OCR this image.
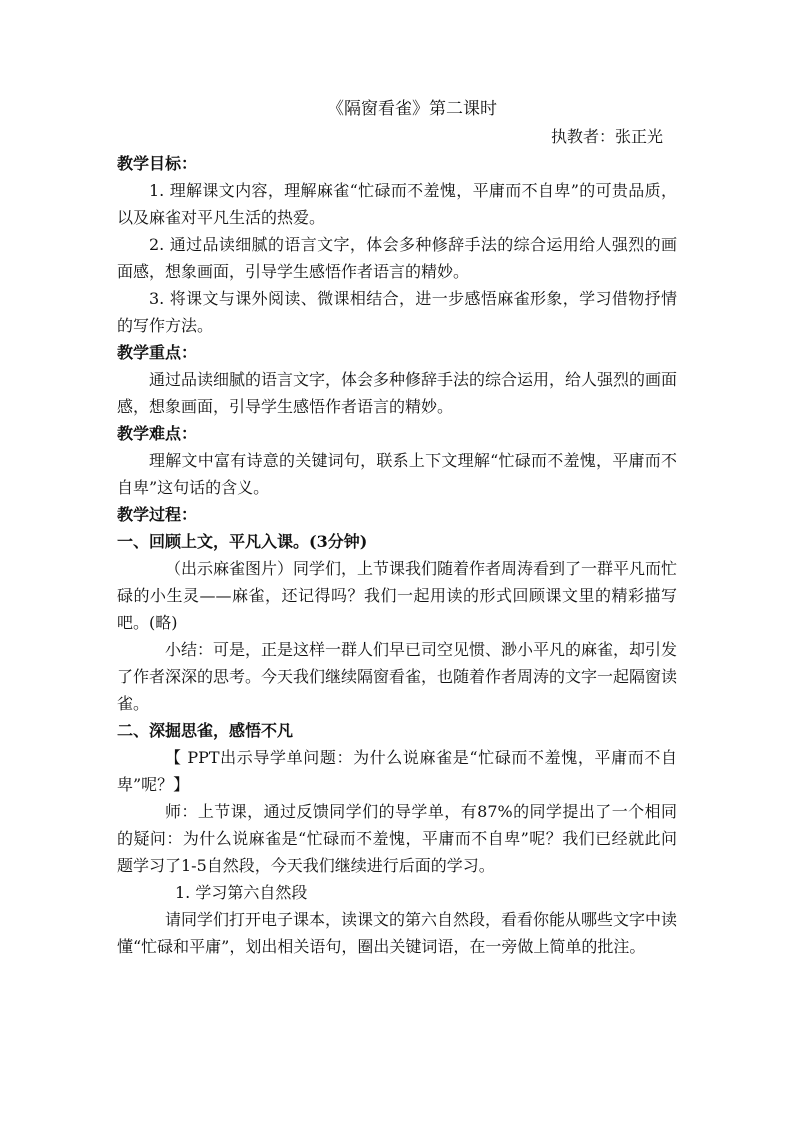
《隔窗看雀》第二课时

执教者：张正光

教学目标：

1. 理解课文内容，理解麻雀“忙碌而不羞愧，平庸而不自卑”的可贵品质，以及麻雀对平凡生活的热爱。

2. 通过品读细腻的语言文字，体会多种修辞手法的综合运用给人强烈的画面感，想象画面，引导学生感悟作者语言的精妙。

3. 将课文与课外阅读、微课相结合，进一步感悟麻雀形象，学习借物抒情的写作方法。

教学重点：

通过品读细腻的语言文字，体会多种修辞手法的综合运用，给人强烈的画面感，想象画面，引导学生感悟作者语言的精妙。

教学难点：

理解文中富有诗意的关键词句，联系上下文理解“忙碌而不羞愧，平庸而不自卑”这句话的含义。

教学过程：

一、回顾上文，平凡入课。(3分钟)

（出示麻雀图片）同学们，上节课我们随着作者周涛看到了一群平凡而忙碌的小生灵——麻雀，还记得吗？我们一起用读的形式回顾课文里的精彩描写吧。(略)

小结：可是，正是这样一群人们早已司空见惯、渺小平凡的麻雀，却引发了作者深深的思考。今天我们继续隔窗看雀，也随着作者周涛的文字一起隔窗读雀。

二、深掘思雀，感悟不凡

【 PPT出示导学单问题：为什么说麻雀是“忙碌而不羞愧，平庸而不自卑”呢？】

师：上节课，通过反馈同学们的导学单，有87%的同学提出了一个相同的疑问：为什么说麻雀是“忙碌而不羞愧，平庸而不自卑”呢？我们已经就此问题学习了1-5自然段，今天我们继续进行后面的学习。

1. 学习第六自然段

请同学们打开电子课本，读课文的第六自然段，看看你能从哪些文字中读懂“忙碌和平庸”，划出相关语句，圈出关键词语，在一旁做上简单的批注。
